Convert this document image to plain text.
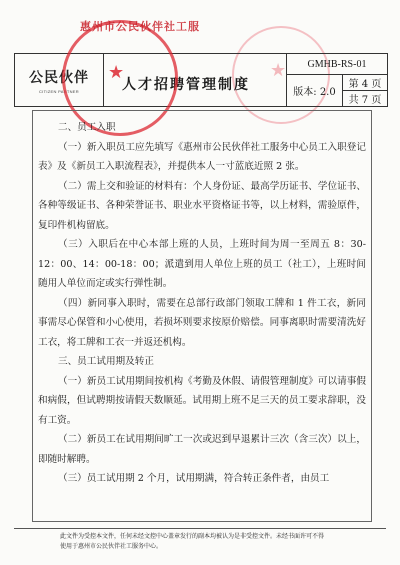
★
公民伙伴
CITIZEN PARTNER	人才招聘管理制度
GMHB-RS-01
版本: 2.0
第 4 页
共 7 页
惠州市公民伙伴社工服
★

二、员工入职

（一）新入职员工应先填写《惠州市公民伙伴社工服务中心员工入职登记表》及《新员工入职流程表》，并提供本人一寸蓝底近照 2 张。

（二）需上交和验证的材料有：个人身份证、最高学历证书、学位证书、各种等级证书、各种荣誉证书、职业水平资格证书等，以上材料，需验原件，复印件机构留底。

（三）入职后在中心本部上班的人员，上班时间为周一至周五 8：30-12：00、14：00-18：00；派遣到用人单位上班的员工（社工），上班时间随用人单位而定或实行弹性制。

（四）新同事入职时，需要在总部行政部门领取工牌和 1 件工衣，新同事需尽心保管和小心使用，若损坏则要求按原价赔偿。同事离职时需要清洗好工衣，将工牌和工衣一并返还机构。

三、员工试用期及转正

（一）新员工试用期间按机构《考勤及休假、请假管理制度》可以请事假和病假，但试聘期按请假天数顺延。试用期上班不足三天的员工要求辞职，没有工资。

（二）新员工在试用期间旷工一次或迟到早退累计三次（含三次）以上，即随时解聘。

（三）员工试用期 2 个月，试用期满，符合转正条件者，由员工

此文件为受控本文件，任何未经文控中心盖章发行的副本均被认为是非受控文件。未经书面许可不得
使用于惠州市公民伙伴社工服务中心。
